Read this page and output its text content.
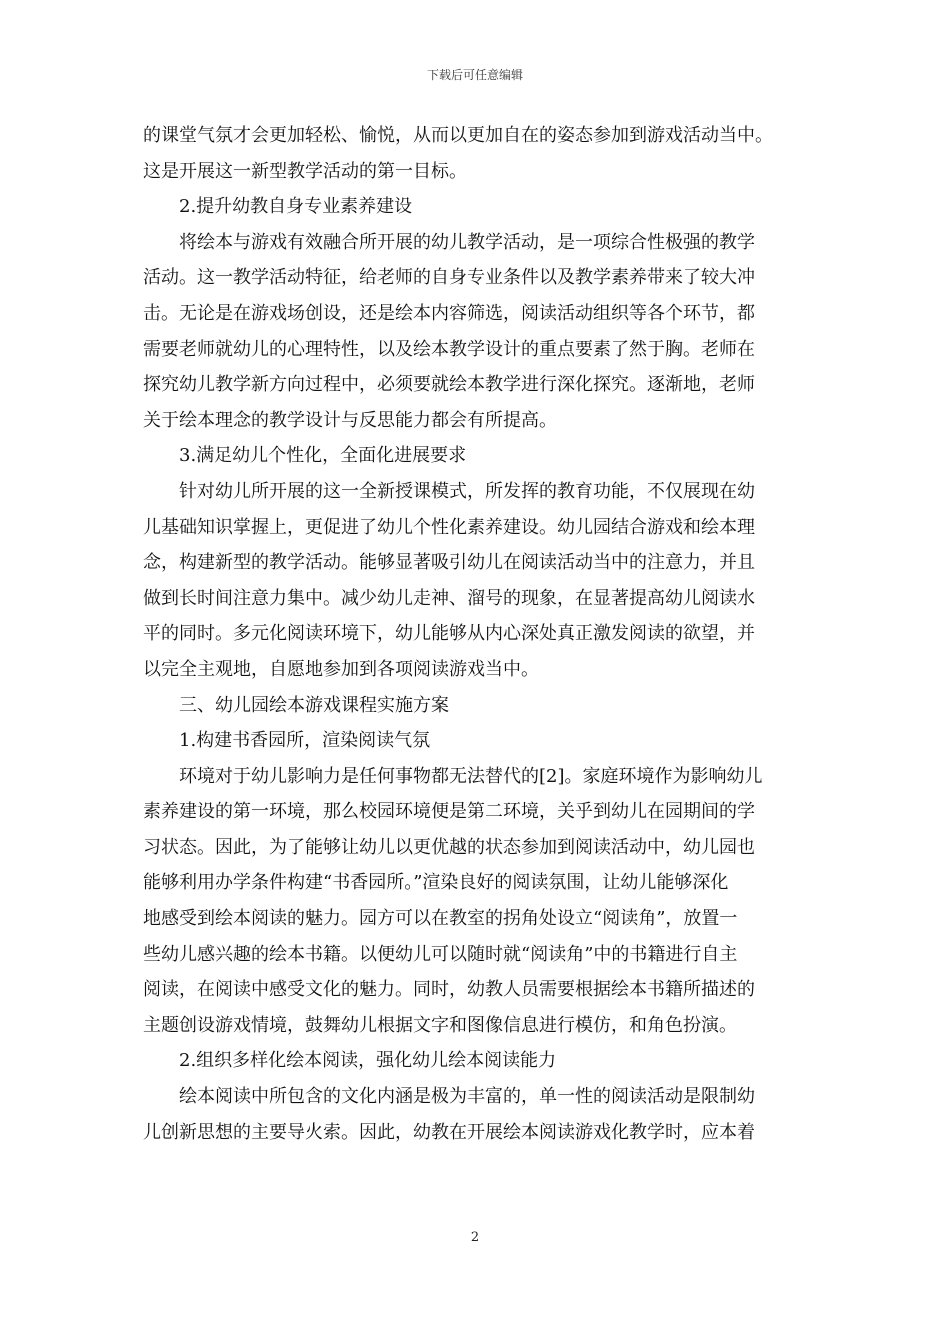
下载后可任意编辑
的课堂气氛才会更加轻松、愉悦，从而以更加自在的姿态参加到游戏活动当中。
这是开展这一新型教学活动的第一目标。
2.提升幼教自身专业素养建设
将绘本与游戏有效融合所开展的幼儿教学活动，是一项综合性极强的教学
活动。这一教学活动特征，给老师的自身专业条件以及教学素养带来了较大冲
击。无论是在游戏场创设，还是绘本内容筛选，阅读活动组织等各个环节，都
需要老师就幼儿的心理特性，以及绘本教学设计的重点要素了然于胸。老师在
探究幼儿教学新方向过程中，必须要就绘本教学进行深化探究。逐渐地，老师
关于绘本理念的教学设计与反思能力都会有所提高。
3.满足幼儿个性化，全面化进展要求
针对幼儿所开展的这一全新授课模式，所发挥的教育功能，不仅展现在幼
儿基础知识掌握上，更促进了幼儿个性化素养建设。幼儿园结合游戏和绘本理
念，构建新型的教学活动。能够显著吸引幼儿在阅读活动当中的注意力，并且
做到长时间注意力集中。减少幼儿走神、溜号的现象，在显著提高幼儿阅读水
平的同时。多元化阅读环境下，幼儿能够从内心深处真正激发阅读的欲望，并
以完全主观地，自愿地参加到各项阅读游戏当中。
三、幼儿园绘本游戏课程实施方案
1.构建书香园所，渲染阅读气氛
环境对于幼儿影响力是任何事物都无法替代的[2]。家庭环境作为影响幼儿
素养建设的第一环境，那么校园环境便是第二环境，关乎到幼儿在园期间的学
习状态。因此，为了能够让幼儿以更优越的状态参加到阅读活动中，幼儿园也
能够利用办学条件构建“书香园所。”渲染良好的阅读氛围，让幼儿能够深化
地感受到绘本阅读的魅力。园方可以在教室的拐角处设立“阅读角”，放置一
些幼儿感兴趣的绘本书籍。以便幼儿可以随时就“阅读角”中的书籍进行自主
阅读，在阅读中感受文化的魅力。同时，幼教人员需要根据绘本书籍所描述的
主题创设游戏情境，鼓舞幼儿根据文字和图像信息进行模仿，和角色扮演。
2.组织多样化绘本阅读，强化幼儿绘本阅读能力
绘本阅读中所包含的文化内涵是极为丰富的，单一性的阅读活动是限制幼
儿创新思想的主要导火索。因此，幼教在开展绘本阅读游戏化教学时，应本着
2
